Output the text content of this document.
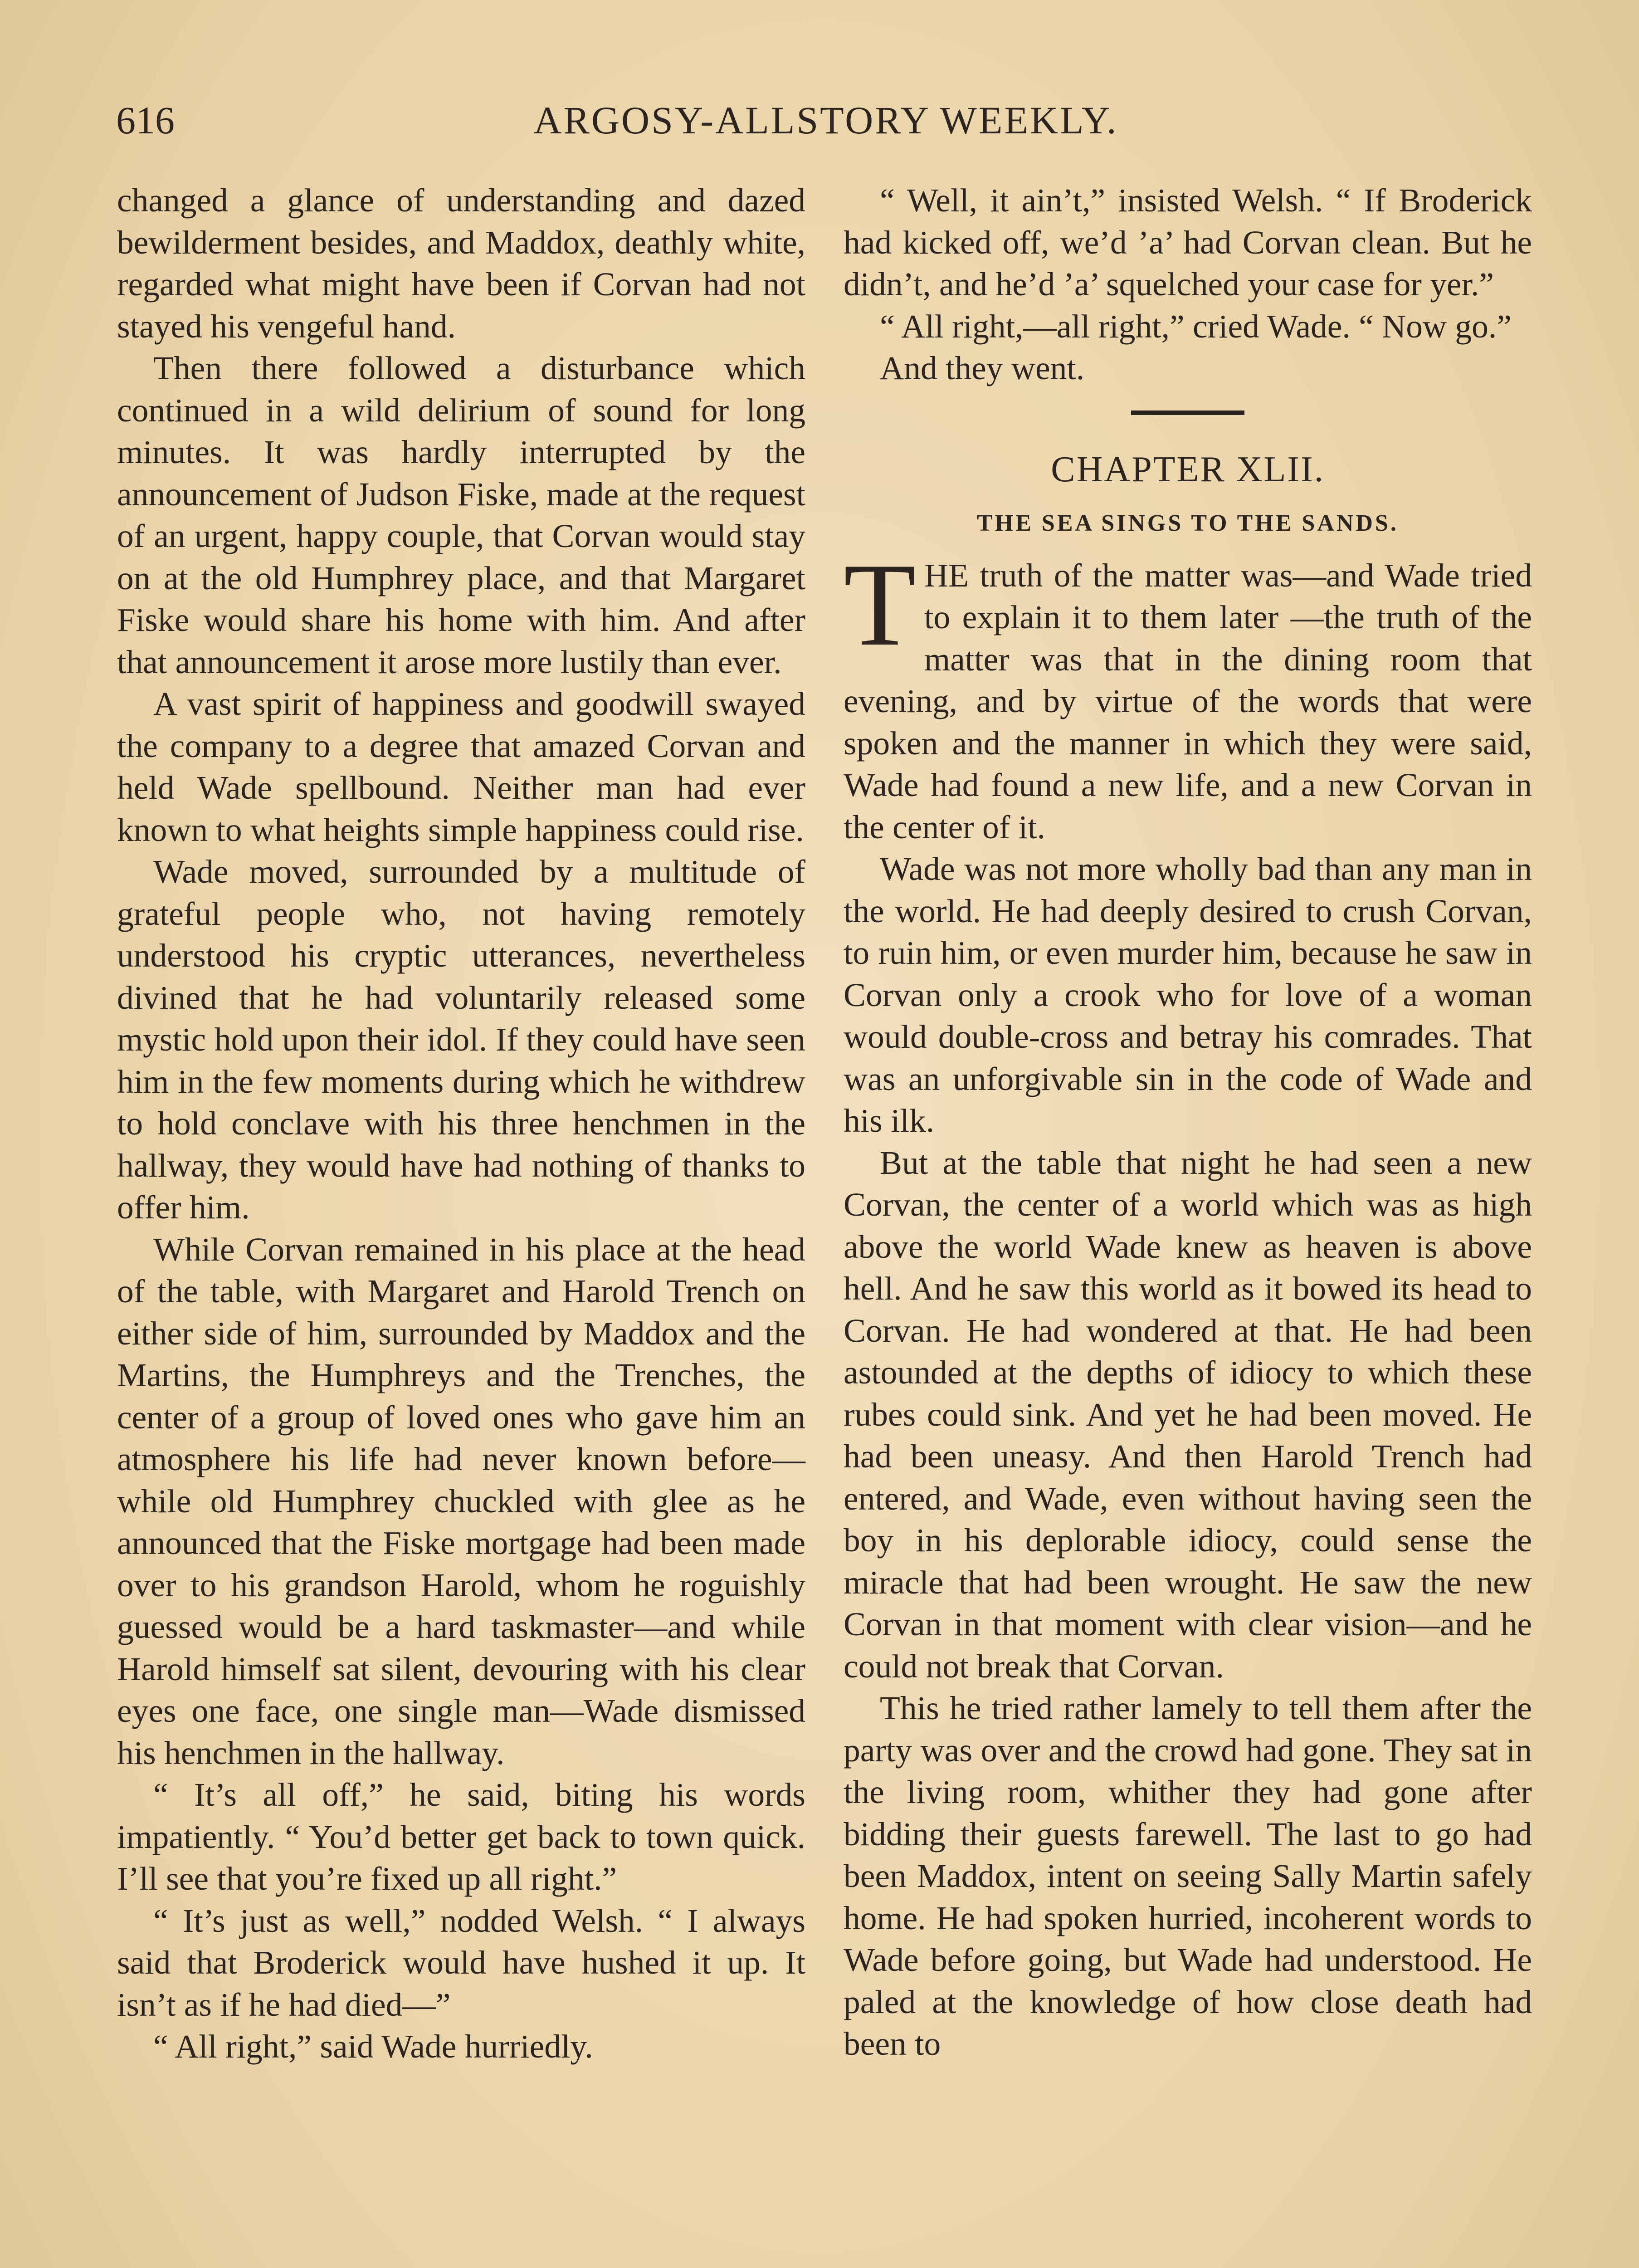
616	ARGOSY-ALLSTORY WEEKLY.

changed a glance of understanding and dazed bewilderment besides, and Maddox, deathly white, regarded what might have been if Corvan had not stayed his vengeful hand.

Then there followed a disturbance which continued in a wild delirium of sound for long minutes. It was hardly interrupted by the announcement of Judson Fiske, made at the request of an urgent, happy couple, that Corvan would stay on at the old Humphrey place, and that Margaret Fiske would share his home with him. And after that announcement it arose more lustily than ever.

A vast spirit of happiness and goodwill swayed the company to a degree that amazed Corvan and held Wade spellbound. Neither man had ever known to what heights simple happiness could rise.

Wade moved, surrounded by a multitude of grateful people who, not having remotely understood his cryptic utterances, nevertheless divined that he had voluntarily released some mystic hold upon their idol. If they could have seen him in the few moments during which he withdrew to hold conclave with his three henchmen in the hallway, they would have had nothing of thanks to offer him.

While Corvan remained in his place at the head of the table, with Margaret and Harold Trench on either side of him, surrounded by Maddox and the Martins, the Humphreys and the Trenches, the center of a group of loved ones who gave him an atmosphere his life had never known before—while old Humphrey chuckled with glee as he announced that the Fiske mortgage had been made over to his grandson Harold, whom he roguishly guessed would be a hard taskmaster—and while Harold himself sat silent, devouring with his clear eyes one face, one single man—Wade dismissed his henchmen in the hallway.

“ It’s all off,” he said, biting his words impatiently. “ You’d better get back to town quick. I’ll see that you’re fixed up all right.”

“ It’s just as well,” nodded Welsh. “ I always said that Broderick would have hushed it up. It isn’t as if he had died—”

“ All right,” said Wade hurriedly.

“ Well, it ain’t,” insisted Welsh. “ If Broderick had kicked off, we’d ’a’ had Corvan clean. But he didn’t, and he’d ’a’ squelched your case for yer.”

“ All right,—all right,” cried Wade. “ Now go.”

And they went.

CHAPTER XLII.
THE SEA SINGS TO THE SANDS.

THE truth of the matter was—and Wade tried to explain it to them later —the truth of the matter was that in the dining room that evening, and by virtue of the words that were spoken and the manner in which they were said, Wade had found a new life, and a new Corvan in the center of it.

Wade was not more wholly bad than any man in the world. He had deeply desired to crush Corvan, to ruin him, or even murder him, because he saw in Corvan only a crook who for love of a woman would double-cross and betray his comrades. That was an unforgivable sin in the code of Wade and his ilk.

But at the table that night he had seen a new Corvan, the center of a world which was as high above the world Wade knew as heaven is above hell. And he saw this world as it bowed its head to Corvan. He had wondered at that. He had been astounded at the depths of idiocy to which these rubes could sink. And yet he had been moved. He had been uneasy. And then Harold Trench had entered, and Wade, even without having seen the boy in his deplorable idiocy, could sense the miracle that had been wrought. He saw the new Corvan in that moment with clear vision—and he could not break that Corvan.

This he tried rather lamely to tell them after the party was over and the crowd had gone. They sat in the living room, whither they had gone after bidding their guests farewell. The last to go had been Maddox, intent on seeing Sally Martin safely home. He had spoken hurried, incoherent words to Wade before going, but Wade had understood. He paled at the knowledge of how close death had been to
